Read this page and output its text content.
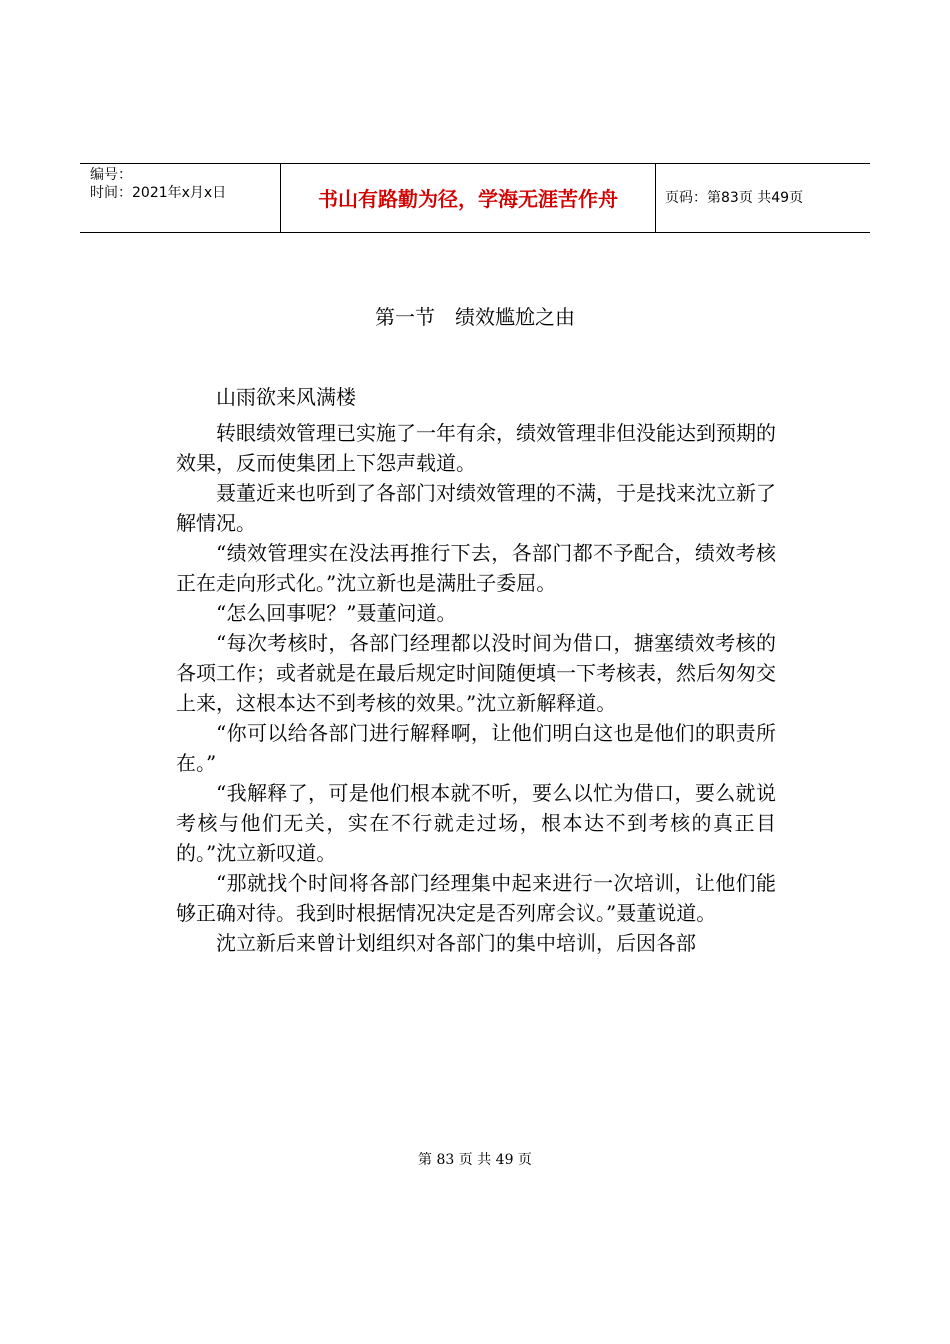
编号：
时间：2021年x月x日	书山有路勤为径，学海无涯苦作舟	页码：第83页 共49页
第一节 绩效尴尬之由

山雨欲来风满楼

转眼绩效管理已实施了一年有余，绩效管理非但没能达到预期的效果，反而使集团上下怨声载道。

聂董近来也听到了各部门对绩效管理的不满，于是找来沈立新了解情况。

“绩效管理实在没法再推行下去，各部门都不予配合，绩效考核正在走向形式化。”沈立新也是满肚子委屈。

“怎么回事呢？”聂董问道。

“每次考核时，各部门经理都以没时间为借口，搪塞绩效考核的各项工作；或者就是在最后规定时间随便填一下考核表，然后匆匆交上来，这根本达不到考核的效果。”沈立新解释道。

“你可以给各部门进行解释啊，让他们明白这也是他们的职责所在。”

“我解释了，可是他们根本就不听，要么以忙为借口，要么就说考核与他们无关，实在不行就走过场，根本达不到考核的真正目的。”沈立新叹道。

“那就找个时间将各部门经理集中起来进行一次培训，让他们能够正确对待。我到时根据情况决定是否列席会议。”聂董说道。

沈立新后来曾计划组织对各部门的集中培训，后因各部

第 83 页 共 49 页
